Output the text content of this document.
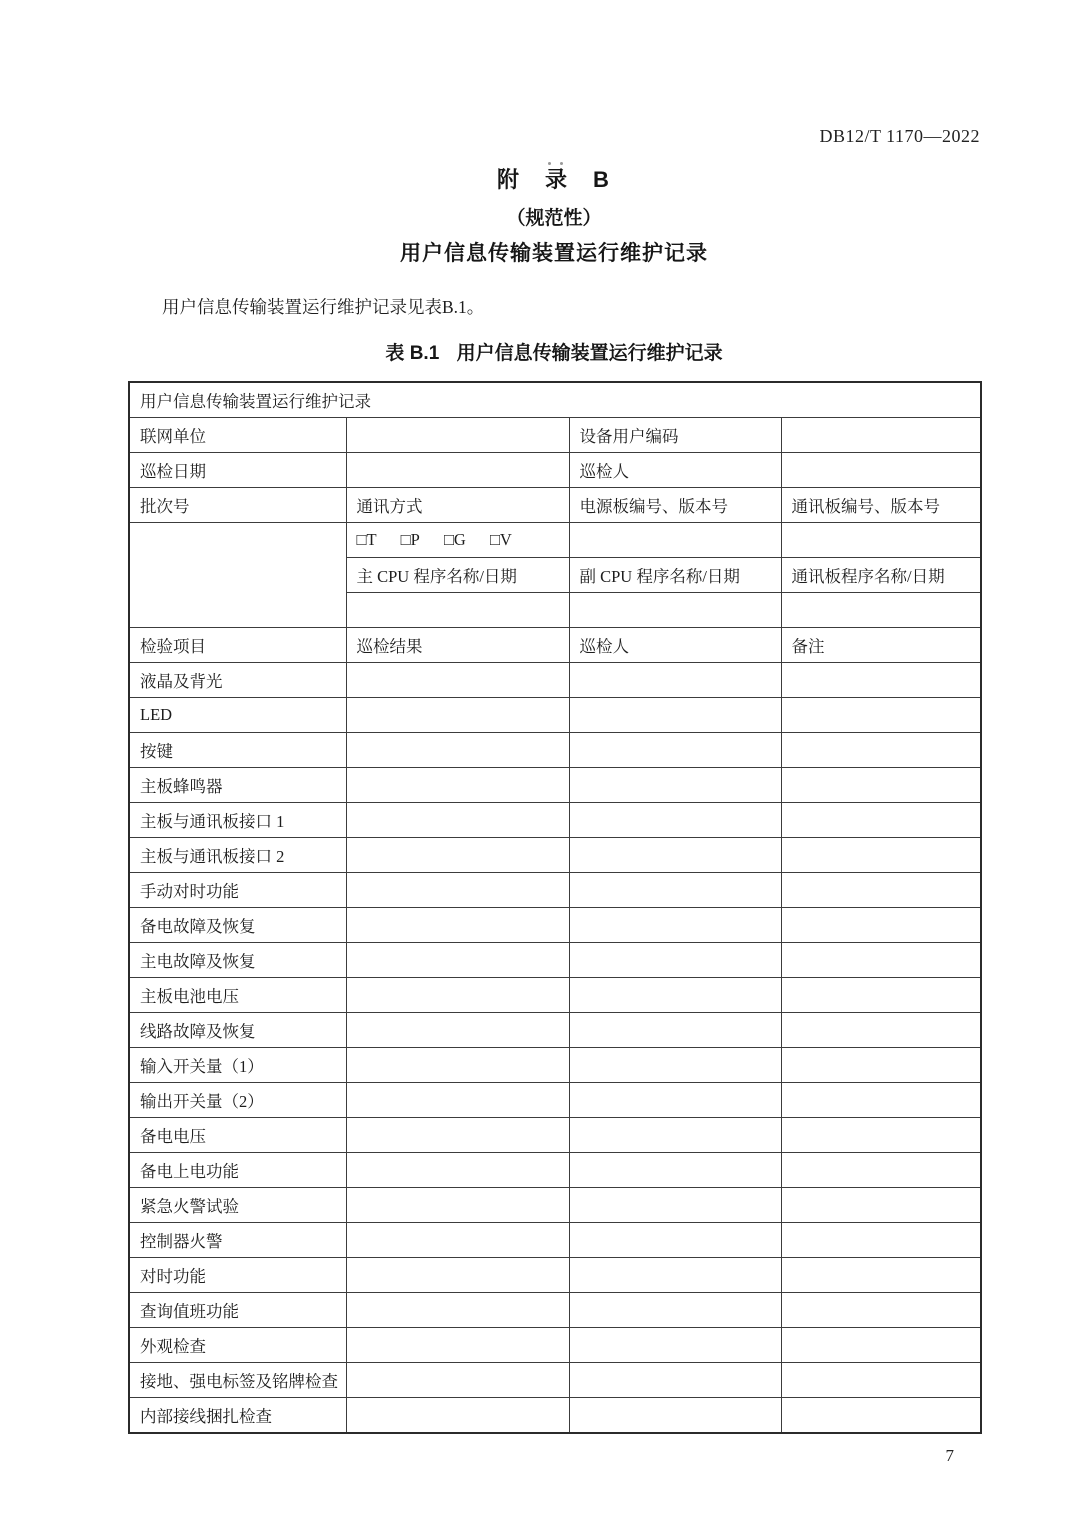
DB12/T 1170—2022
附　录　B
（规范性）
用户信息传输装置运行维护记录
用户信息传输装置运行维护记录见表B.1。
表 B.1 用户信息传输装置运行维护记录
用户信息传输装置运行维护记录			
联网单位		设备用户编码	
巡检日期		巡检人	
批次号	通讯方式	电源板编号、版本号	通讯板编号、版本号
	□T □P □G □V		
	主 CPU 程序名称/日期	副 CPU 程序名称/日期	通讯板程序名称/日期

检验项目	巡检结果	巡检人	备注
液晶及背光			
LED			
按键			
主板蜂鸣器			
主板与通讯板接口 1			
主板与通讯板接口 2			
手动对时功能			
备电故障及恢复			
主电故障及恢复			
主板电池电压			
线路故障及恢复			
输入开关量（1）			
输出开关量（2）			
备电电压			
备电上电功能			
紧急火警试验			
控制器火警			
对时功能			
查询值班功能			
外观检查			
接地、强电标签及铭牌检查			
内部接线捆扎检查			
7
